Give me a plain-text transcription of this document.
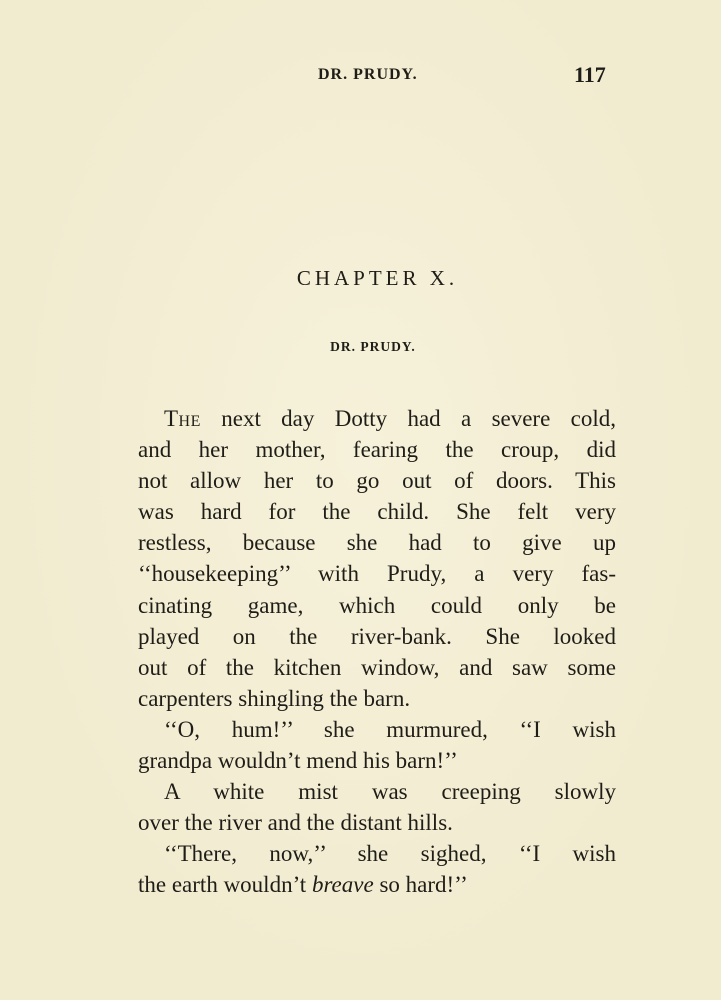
DR. PRUDY.	117
CHAPTER X.
DR. PRUDY.
The next day Dotty had a severe cold,
and her mother, fearing the croup, did
not allow her to go out of doors. This
was hard for the child. She felt very
restless, because she had to give up
‘‘housekeeping’’ with Prudy, a very fas-
cinating game, which could only be
played on the river-bank. She looked
out of the kitchen window, and saw some
carpenters shingling the barn.
‘‘O, hum!’’ she murmured, ‘‘I wish
grandpa wouldn’t mend his barn!’’
A white mist was creeping slowly
over the river and the distant hills.
‘‘There, now,’’ she sighed, ‘‘I wish
the earth wouldn’t breave so hard!’’
